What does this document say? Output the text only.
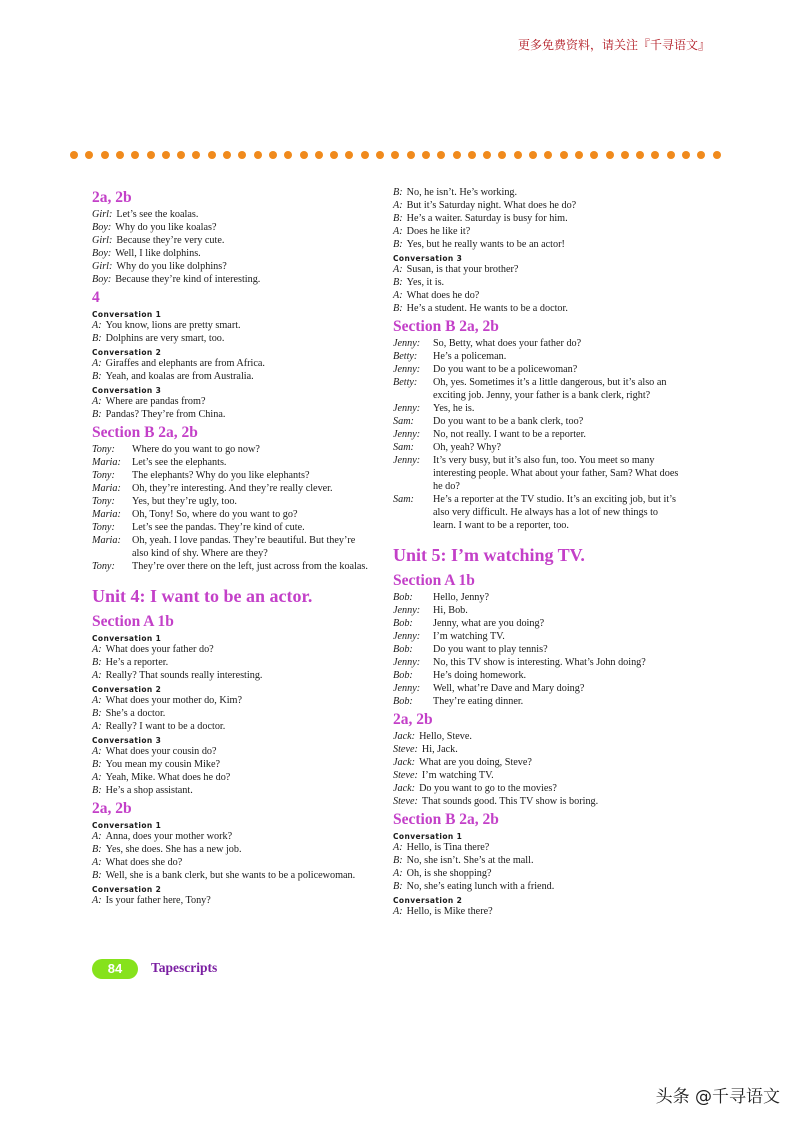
更多免费资料，请关注『千寻语文』
2a, 2b
Girl: Let’s see the koalas.
Boy: Why do you like koalas?
Girl: Because they’re very cute.
Boy: Well, I like dolphins.
Girl: Why do you like dolphins?
Boy: Because they’re kind of interesting.
4
Conversation 1
A: You know, lions are pretty smart.
B: Dolphins are very smart, too.
Conversation 2
A: Giraffes and elephants are from Africa.
B: Yeah, and koalas are from Australia.
Conversation 3
A: Where are pandas from?
B: Pandas? They’re from China.
Section B 2a, 2b
Tony:	Where do you want to go now?
Maria:	Let’s see the elephants.
Tony:	The elephants? Why do you like elephants?
Maria:	Oh, they’re interesting. And they’re really clever.
Tony:	Yes, but they’re ugly, too.
Maria:	Oh, Tony! So, where do you want to go?
Tony:	Let’s see the pandas. They’re kind of cute.
Maria:	Oh, yeah. I love pandas. They’re beautiful. But they’re also kind of shy. Where are they?
Tony:	They’re over there on the left, just across from the koalas.
Unit 4: I want to be an actor.
Section A 1b
Conversation 1
A: What does your father do?
B: He’s a reporter.
A: Really? That sounds really interesting.
Conversation 2
A: What does your mother do, Kim?
B: She’s a doctor.
A: Really? I want to be a doctor.
Conversation 3
A: What does your cousin do?
B: You mean my cousin Mike?
A: Yeah, Mike. What does he do?
B: He’s a shop assistant.
2a, 2b
Conversation 1
A: Anna, does your mother work?
B: Yes, she does. She has a new job.
A: What does she do?
B: Well, she is a bank clerk, but she wants to be a policewoman.
Conversation 2
A: Is your father here, Tony?
B: No, he isn’t. He’s working.
A: But it’s Saturday night. What does he do?
B: He’s a waiter. Saturday is busy for him.
A: Does he like it?
B: Yes, but he really wants to be an actor!
Conversation 3
A: Susan, is that your brother?
B: Yes, it is.
A: What does he do?
B: He’s a student. He wants to be a doctor.
Section B 2a, 2b
Jenny:	So, Betty, what does your father do?
Betty:	He’s a policeman.
Jenny:	Do you want to be a policewoman?
Betty:	Oh, yes. Sometimes it’s a little dangerous, but it’s also an exciting job. Jenny, your father is a bank clerk, right?
Jenny:	Yes, he is.
Sam:	Do you want to be a bank clerk, too?
Jenny:	No, not really. I want to be a reporter.
Sam:	Oh, yeah? Why?
Jenny:	It’s very busy, but it’s also fun, too. You meet so many interesting people. What about your father, Sam? What does he do?
Sam:	He’s a reporter at the TV studio. It’s an exciting job, but it’s also very difficult. He always has a lot of new things to learn. I want to be a reporter, too.
Unit 5: I’m watching TV.
Section A 1b
Bob:	Hello, Jenny?
Jenny:	Hi, Bob.
Bob:	Jenny, what are you doing?
Jenny:	I’m watching TV.
Bob:	Do you want to play tennis?
Jenny:	No, this TV show is interesting. What’s John doing?
Bob:	He’s doing homework.
Jenny:	Well, what’re Dave and Mary doing?
Bob:	They’re eating dinner.
2a, 2b
Jack: Hello, Steve.
Steve: Hi, Jack.
Jack: What are you doing, Steve?
Steve: I’m watching TV.
Jack: Do you want to go to the movies?
Steve: That sounds good. This TV show is boring.
Section B 2a, 2b
Conversation 1
A: Hello, is Tina there?
B: No, she isn’t. She’s at the mall.
A: Oh, is she shopping?
B: No, she’s eating lunch with a friend.
Conversation 2
A: Hello, is Mike there?
84	Tapescripts
头条 @千寻语文
